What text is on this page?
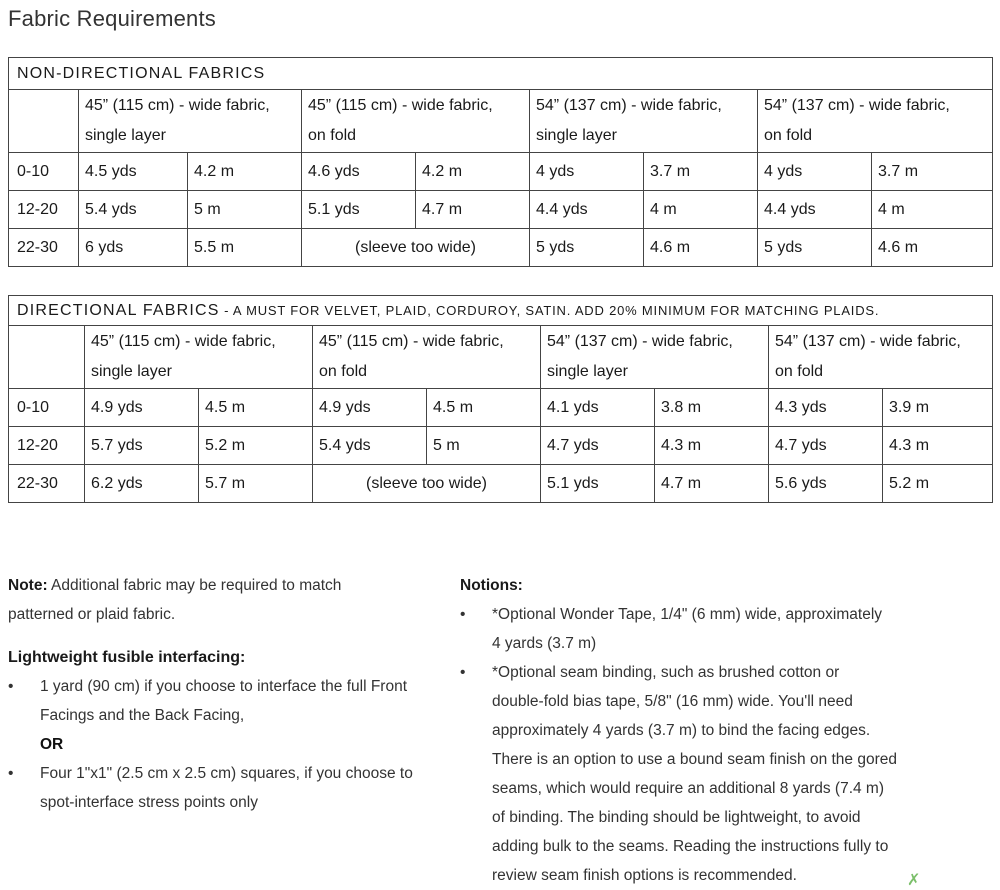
Fabric Requirements
NON-DIRECTIONAL FABRICS								
	45” (115 cm) - wide fabric,
single layer		45” (115 cm) - wide fabric,
on fold		54” (137 cm) - wide fabric,
single layer		54” (137 cm) - wide fabric,
on fold	
0-10	4.5 yds	4.2 m	4.6 yds	4.2 m	4 yds	3.7 m	4 yds	3.7 m
12-20	5.4 yds	5 m	5.1 yds	4.7 m	4.4 yds	4 m	4.4 yds	4 m
22-30	6 yds	5.5 m	(sleeve too wide)		5 yds	4.6 m	5 yds	4.6 m
DIRECTIONAL FABRICS - A MUST FOR VELVET, PLAID, CORDUROY, SATIN. ADD 20% MINIMUM FOR MATCHING PLAIDS.								
	45” (115 cm) - wide fabric,
single layer		45” (115 cm) - wide fabric,
on fold		54” (137 cm) - wide fabric,
single layer		54” (137 cm) - wide fabric,
on fold	
0-10	4.9 yds	4.5 m	4.9 yds	4.5 m	4.1 yds	3.8 m	4.3 yds	3.9 m
12-20	5.7 yds	5.2 m	5.4 yds	5 m	4.7 yds	4.3 m	4.7 yds	4.3 m
22-30	6.2 yds	5.7 m	(sleeve too wide)		5.1 yds	4.7 m	5.6 yds	5.2 m
Note: Additional fabric may be required to match
patterned or plaid fabric.
Lightweight fusible interfacing:
• 1 yard (90 cm) if you choose to interface the full Front
Facings and the Back Facing,
OR
• Four 1"x1" (2.5 cm x 2.5 cm) squares, if you choose to
spot-interface stress points only
Notions:
• *Optional Wonder Tape, 1/4" (6 mm) wide, approximately
4 yards (3.7 m)
• *Optional seam binding, such as brushed cotton or
double-fold bias tape, 5/8" (16 mm) wide. You'll need
approximately 4 yards (3.7 m) to bind the facing edges.
There is an option to use a bound seam finish on the gored
seams, which would require an additional 8 yards (7.4 m)
of binding. The binding should be lightweight, to avoid
adding bulk to the seams. Reading the instructions fully to
review seam finish options is recommended.	✗
